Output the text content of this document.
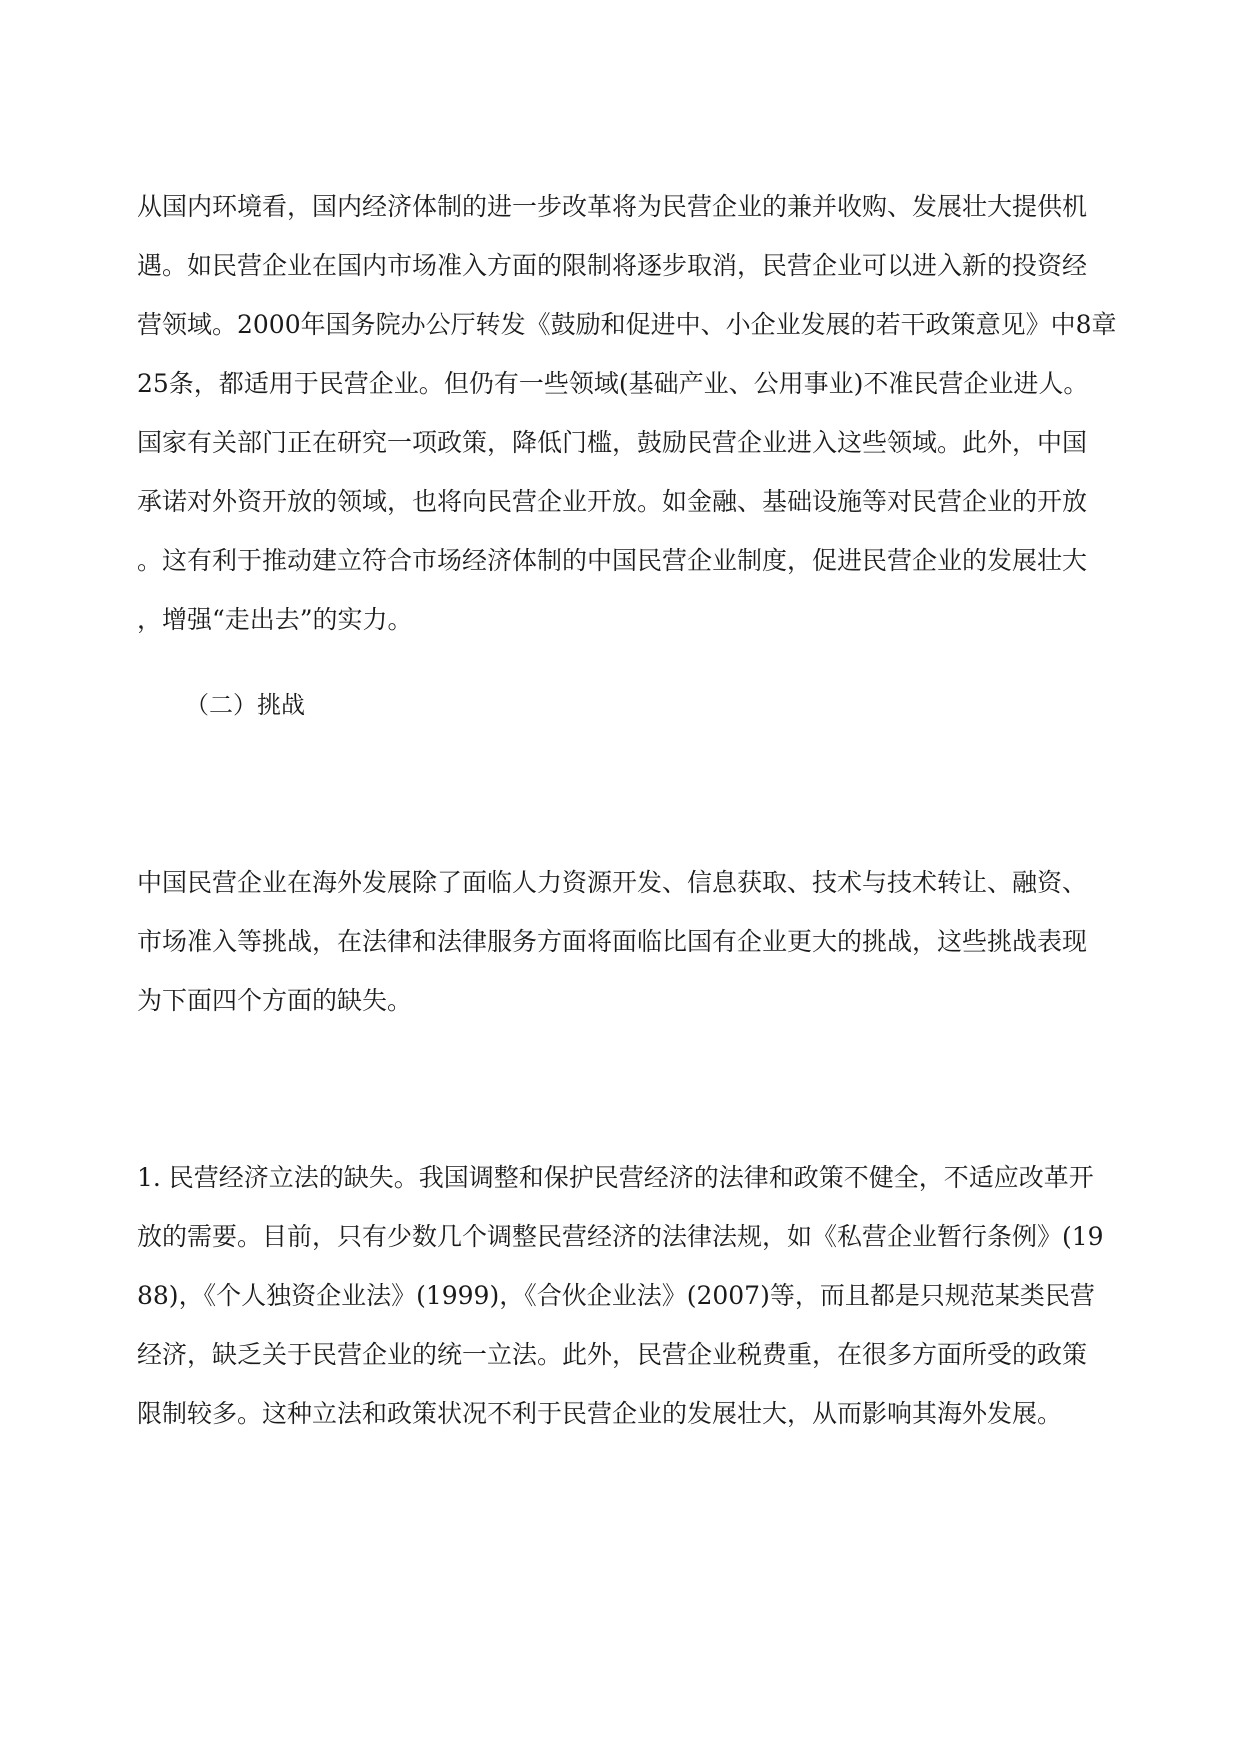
从国内环境看，国内经济体制的进一步改革将为民营企业的兼并收购、发展壮大提供机
遇。如民营企业在国内市场准入方面的限制将逐步取消，民营企业可以进入新的投资经
营领域。2000年国务院办公厅转发《鼓励和促进中、小企业发展的若干政策意见》中8章
25条，都适用于民营企业。但仍有一些领域(基础产业、公用事业)不准民营企业进人。
国家有关部门正在研究一项政策，降低门槛，鼓励民营企业进入这些领域。此外，中国
承诺对外资开放的领域，也将向民营企业开放。如金融、基础设施等对民营企业的开放
。这有利于推动建立符合市场经济体制的中国民营企业制度，促进民营企业的发展壮大
，增强“走出去”的实力。
（二）挑战
中国民营企业在海外发展除了面临人力资源开发、信息获取、技术与技术转让、融资、
市场准入等挑战，在法律和法律服务方面将面临比国有企业更大的挑战，这些挑战表现
为下面四个方面的缺失。
1. 民营经济立法的缺失。我国调整和保护民营经济的法律和政策不健全，不适应改革开
放的需要。目前，只有少数几个调整民营经济的法律法规，如《私营企业暂行条例》(19
88)，《个人独资企业法》(1999)，《合伙企业法》(2007)等，而且都是只规范某类民营
经济，缺乏关于民营企业的统一立法。此外，民营企业税费重，在很多方面所受的政策
限制较多。这种立法和政策状况不利于民营企业的发展壮大，从而影响其海外发展。
